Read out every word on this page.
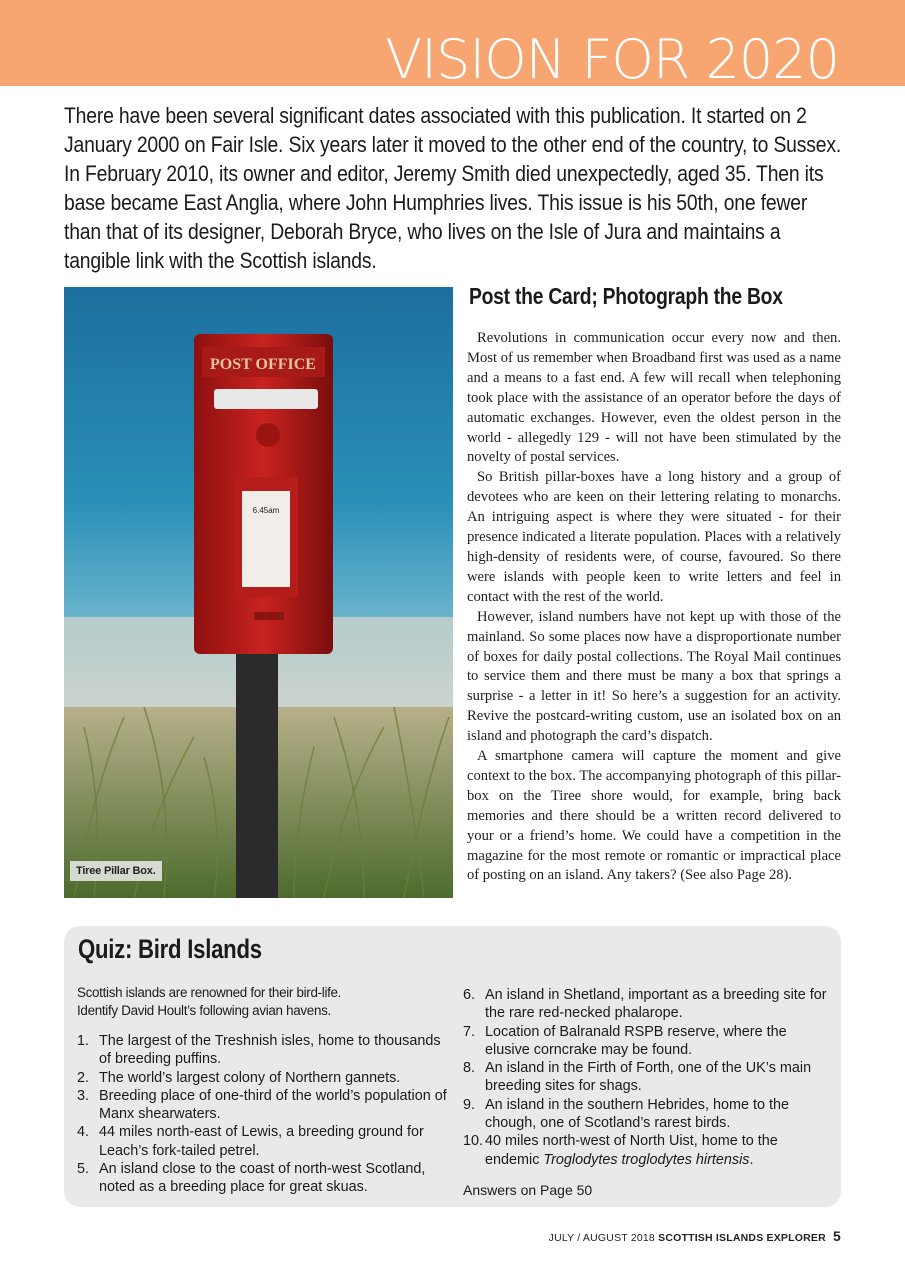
VISION FOR 2020

There have been several significant dates associated with this publication. It started on 2 January 2000 on Fair Isle. Six years later it moved to the other end of the country, to Sussex. In February 2010, its owner and editor, Jeremy Smith died unexpectedly, aged 35. Then its base became East Anglia, where John Humphries lives. This issue is his 50th, one fewer than that of its designer, Deborah Bryce, who lives on the Isle of Jura and maintains a tangible link with the Scottish islands.

POST OFFICE
6.45am
Tiree Pillar Box.
Post the Card; Photograph the Box

Revolutions in communication occur every now and then. Most of us remember when Broadband first was used as a name and a means to a fast end. A few will recall when telephoning took place with the assistance of an operator before the days of automatic exchanges. However, even the oldest person in the world - allegedly 129 - will not have been stimulated by the novelty of postal services.

So British pillar-boxes have a long history and a group of devotees who are keen on their lettering relating to monarchs. An intriguing aspect is where they were situated - for their presence indicated a literate population. Places with a relatively high-density of residents were, of course, favoured. So there were islands with people keen to write letters and feel in contact with the rest of the world.

However, island numbers have not kept up with those of the mainland. So some places now have a disproportionate number of boxes for daily postal collections. The Royal Mail continues to service them and there must be many a box that springs a surprise - a letter in it! So here’s a suggestion for an activity. Revive the postcard-writing custom, use an isolated box on an island and photograph the card’s dispatch.

A smartphone camera will capture the moment and give context to the box. The accompanying photograph of this pillar-box on the Tiree shore would, for example, bring back memories and there should be a written record delivered to your or a friend’s home. We could have a competition in the magazine for the most remote or romantic or impractical place of posting on an island. Any takers? (See also Page 28).

Quiz: Bird Islands
Scottish islands are renowned for their bird-life.
Identify David Hoult’s following avian havens.
1. The largest of the Treshnish isles, home to thousands of breeding puffins.
2. The world’s largest colony of Northern gannets.
3. Breeding place of one-third of the world’s population of Manx shearwaters.
4. 44 miles north-east of Lewis, a breeding ground for Leach’s fork-tailed petrel.
5. An island close to the coast of north-west Scotland, noted as a breeding place for great skuas.
6. An island in Shetland, important as a breeding site for the rare red-necked phalarope.
7. Location of Balranald RSPB reserve, where the elusive corncrake may be found.
8. An island in the Firth of Forth, one of the UK’s main breeding sites for shags.
9. An island in the southern Hebrides, home to the chough, one of Scotland’s rarest birds.
10. 40 miles north-west of North Uist, home to the endemic Troglodytes troglodytes hirtensis.
Answers on Page 50
JULY / AUGUST 2018 SCOTTISH ISLANDS EXPLORER 5
